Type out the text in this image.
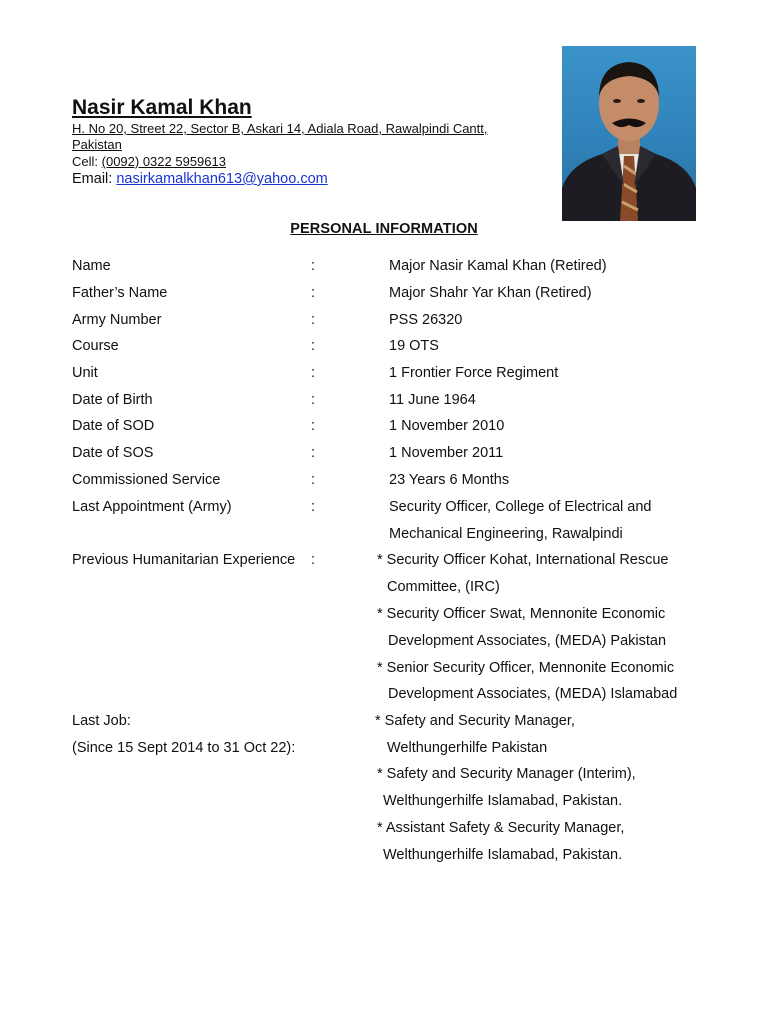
Nasir Kamal Khan
H. No 20, Street 22, Sector B, Askari 14, Adiala Road, Rawalpindi Cantt,
Pakistan
Cell: (0092) 0322 5959613
Email: nasirkamalkhan613@yahoo.com
PERSONAL INFORMATION
Name	:	Major Nasir Kamal Khan (Retired)
Father’s Name	:	Major Shahr Yar Khan (Retired)
Army Number	:	PSS 26320
Course	:	19 OTS
Unit	:	1 Frontier Force Regiment
Date of Birth	:	11 June 1964
Date of SOD	:	1 November 2010
Date of SOS	:	1 November 2011
Commissioned Service	:	23 Years 6 Months
Last Appointment (Army)	:	Security Officer, College of Electrical and
Mechanical Engineering, Rawalpindi
Previous Humanitarian Experience :	* Security Officer Kohat, International Rescue
Committee, (IRC)
* Security Officer Swat, Mennonite Economic
Development Associates, (MEDA) Pakistan
* Senior Security Officer, Mennonite Economic
Development Associates, (MEDA) Islamabad
Last Job:	* Safety and Security Manager,
(Since 15 Sept 2014 to 31 Oct 22):	Welthungerhilfe Pakistan
* Safety and Security Manager (Interim),
Welthungerhilfe Islamabad, Pakistan.
* Assistant Safety & Security Manager,
Welthungerhilfe Islamabad, Pakistan.
